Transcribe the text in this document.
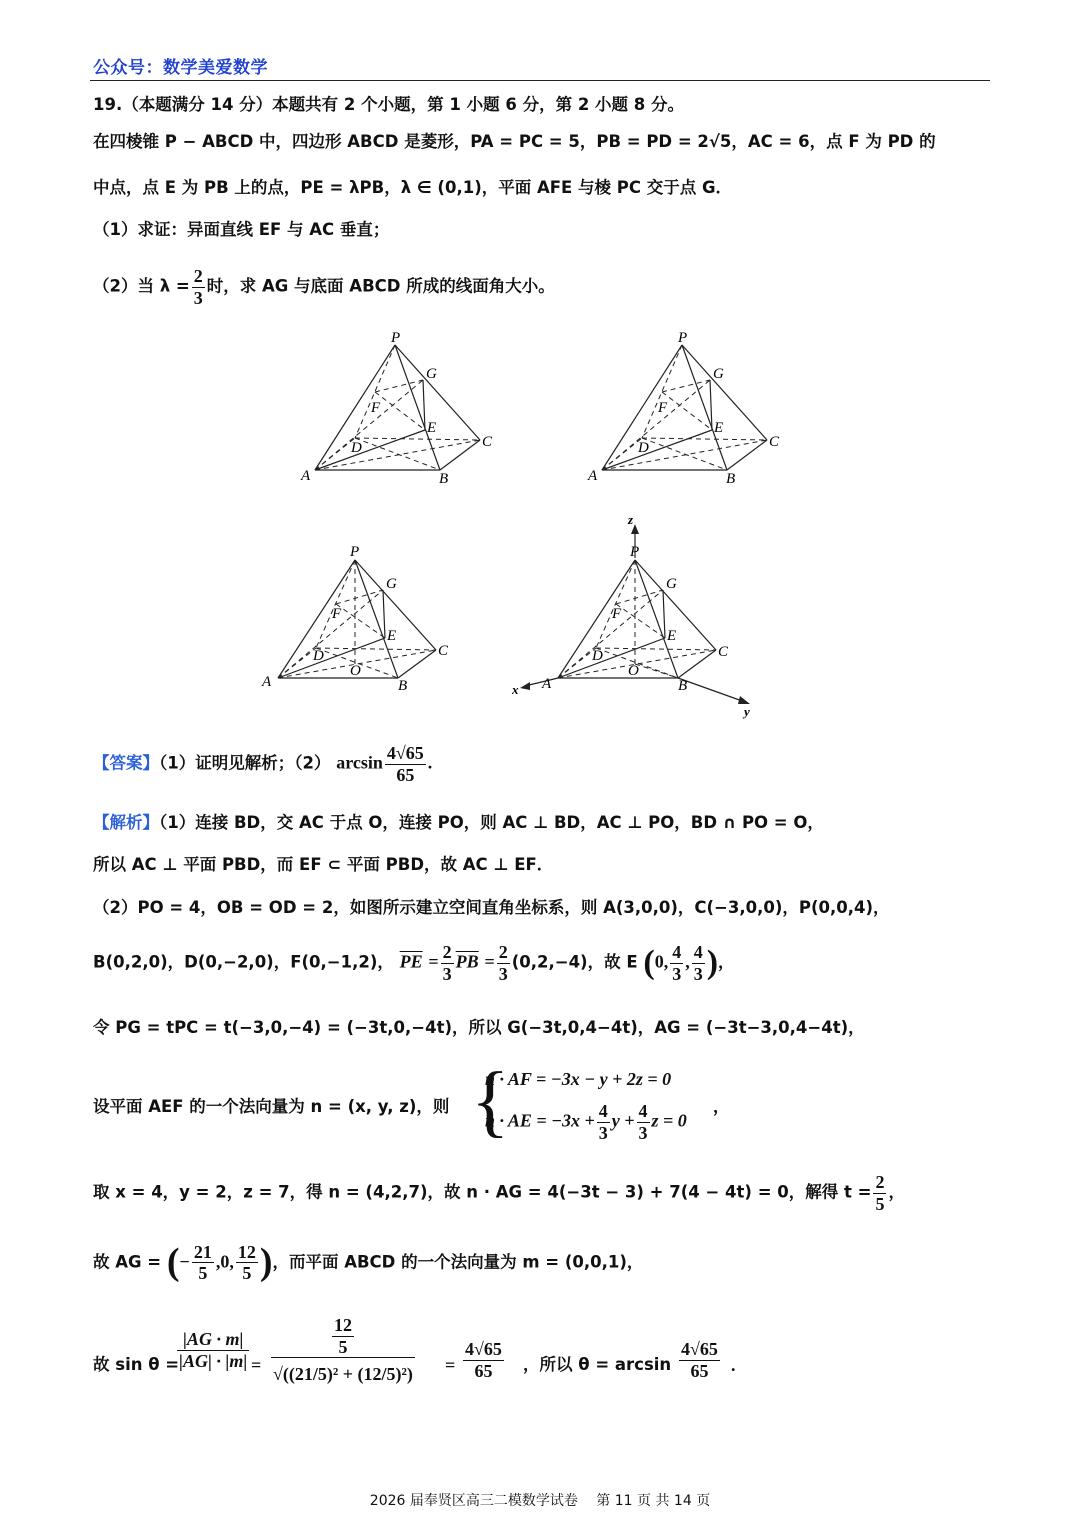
公众号：数学美爱数学
19.（本题满分 14 分）本题共有 2 个小题，第 1 小题 6 分，第 2 小题 8 分。
在四棱锥 P − ABCD 中，四边形 ABCD 是菱形，PA = PC = 5，PB = PD = 2√5，AC = 6，点 F 为 PD 的
中点，点 E 为 PB 上的点，PE = λPB，λ ∈ (0,1)，平面 AFE 与棱 PC 交于点 G．
（1）求证：异面直线 EF 与 AC 垂直；
（2）当 $\lambda = \frac{2}{3}$ 时，求 AG 与底面 ABCD 所成的线面角大小。
P
G
F
E
D	C
A	B
P
G
F
E
D	C
A	B
P
G
F
E
D
O
C
A	B
z
P
G
F
E
D
O
C
A	B
x
y
【答案】（1）证明见解析；（2） $\arcsin \frac{4√65}{65}$ .
【解析】（1）连接 BD，交 AC 于点 O，连接 PO，则 AC ⊥ BD，AC ⊥ PO，BD ∩ PO = O，
所以 AC ⊥ 平面 PBD，而 EF ⊂ 平面 PBD，故 AC ⊥ EF．
（2）PO = 4，OB = OD = 2，如图所示建立空间直角坐标系，则 A(3,0,0)，C(−3,0,0)，P(0,0,4)，
B(0,2,0)，D(0,−2,0)，F(0,−1,2)， $\overline{PE} = \frac{2}{3} \overline{PB} = \frac{2}{3} (0,2,-4)$，故 E (0, $\frac{4}{3}$ , $\frac{4}{3}$ )，
令 PG = tPC = t(−3,0,−4) = (−3t,0,−4t)，所以 G(−3t,0,4−4t)，AG = (−3t−3,0,4−4t)，
设平面 AEF 的一个法向量为 n = (x, y, z)，则 {
n · AF = −3x − y + 2z = 0
n · AE = $-3x + \frac{4}{3}$ $y + \frac{4}{3}$ z = 0
，
取 x = 4，y = 2，z = 7，得 n = (4,2,7)，故 n · AG = 4(−3t − 3) + 7(4 − 4t) = 0，解得 $t = \frac{2}{5}$ ，
故 AG = (− $\frac{21}{5} ,0$, $\frac{12}{5}$ )，而平面 ABCD 的一个法向量为 m = (0,0,1)，
故 sin θ =
$\frac{|AG \cdot m|}{|AG| \cdot |m|} = \frac{\frac{12}{5}}{\text{√((21/5)² + (12/5)²)}} = \frac{4√65}{65}$ ，所以 $\theta = \arcsin \frac{4√65}{65}$ .
2026 届奉贤区高三二模数学试卷　 第 11 页 共 14 页
